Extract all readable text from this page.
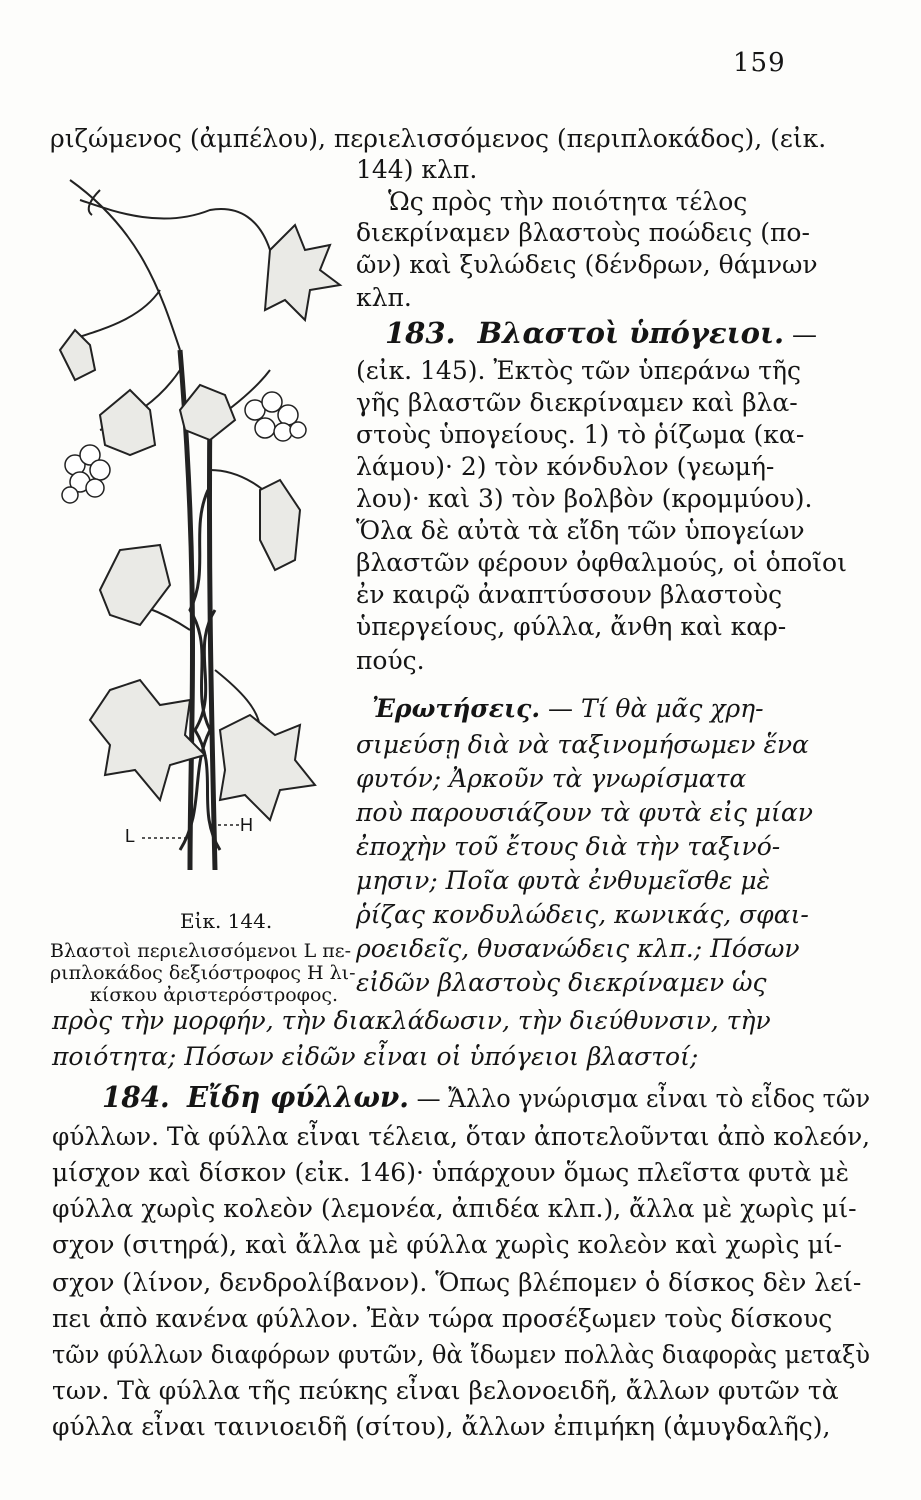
159
ριζώμενος (ἀμπέλου), περιελισσόμενος (περιπλοκάδος), (εἰκ.
144) κλπ.
Ὡς πρὸς τὴν ποιότητα τέλος
διεκρίναμεν βλαστοὺς ποώδεις (πο-
ῶν) καὶ ξυλώδεις (δένδρων, θάμνων
κλπ.
183. Βλαστοὶ ὑπόγειοι. —
(εἰκ. 145). Ἐκτὸς τῶν ὑπεράνω τῆς
γῆς βλαστῶν διεκρίναμεν καὶ βλα-
στοὺς ὑπογείους. 1) τὸ ῥίζωμα (κα-
λάμου)· 2) τὸν κόνδυλον (γεωμή-
λου)· καὶ 3) τὸν βολβὸν (κρομμύου).
Ὅλα δὲ αὐτὰ τὰ εἴδη τῶν ὑπογείων
βλαστῶν φέρουν ὀφθαλμούς, οἱ ὁποῖοι
ἐν καιρῷ ἀναπτύσσουν βλαστοὺς
ὑπεργείους, φύλλα, ἄνθη καὶ καρ-
πούς.
Ἐρωτήσεις. — Τί θὰ μᾶς χρη-
σιμεύσῃ διὰ νὰ ταξινομήσωμεν ἕνα
φυτόν; Ἀρκοῦν τὰ γνωρίσματα
ποὺ παρουσιάζουν τὰ φυτὰ εἰς μίαν
ἐποχὴν τοῦ ἔτους διὰ τὴν ταξινό-
μησιν; Ποῖα φυτὰ ἐνθυμεῖσθε μὲ
ῥίζας κονδυλώδεις, κωνικάς, σφαι-
ροειδεῖς, θυσανώδεις κλπ.; Πόσων
εἰδῶν βλαστοὺς διεκρίναμεν ὡς
πρὸς τὴν μορφήν, τὴν διακλάδωσιν, τὴν διεύθυνσιν, τὴν
ποιότητα; Πόσων εἰδῶν εἶναι οἱ ὑπόγειοι βλαστοί;
L
H
Εἰκ. 144.
Βλαστοὶ περιελισσόμενοι L πε-
ριπλοκάδος δεξιόστροφος H λι-
κίσκου ἀριστερόστροφος.
184. Εἴδη φύλλων. — Ἄλλο γνώρισμα εἶναι τὸ εἶδος τῶν
φύλλων. Τὰ φύλλα εἶναι τέλεια, ὅταν ἀποτελοῦνται ἀπὸ κολεόν,
μίσχον καὶ δίσκον (εἰκ. 146)· ὑπάρχουν ὅμως πλεῖστα φυτὰ μὲ
φύλλα χωρὶς κολεὸν (λεμονέα, ἀπιδέα κλπ.), ἄλλα μὲ χωρὶς μί-
σχον (σιτηρά), καὶ ἄλλα μὲ φύλλα χωρὶς κολεὸν καὶ χωρὶς μί-
σχον (λίνον, δενδρολίβανον). Ὅπως βλέπομεν ὁ δίσκος δὲν λεί-
πει ἀπὸ κανένα φύλλον. Ἐὰν τώρα προσέξωμεν τοὺς δίσκους
τῶν φύλλων διαφόρων φυτῶν, θὰ ἴδωμεν πολλὰς διαφορὰς μεταξὺ
των. Τὰ φύλλα τῆς πεύκης εἶναι βελονοειδῆ, ἄλλων φυτῶν τὰ
φύλλα εἶναι ταινιοειδῆ (σίτου), ἄλλων ἐπιμήκη (ἀμυγδαλῆς),
